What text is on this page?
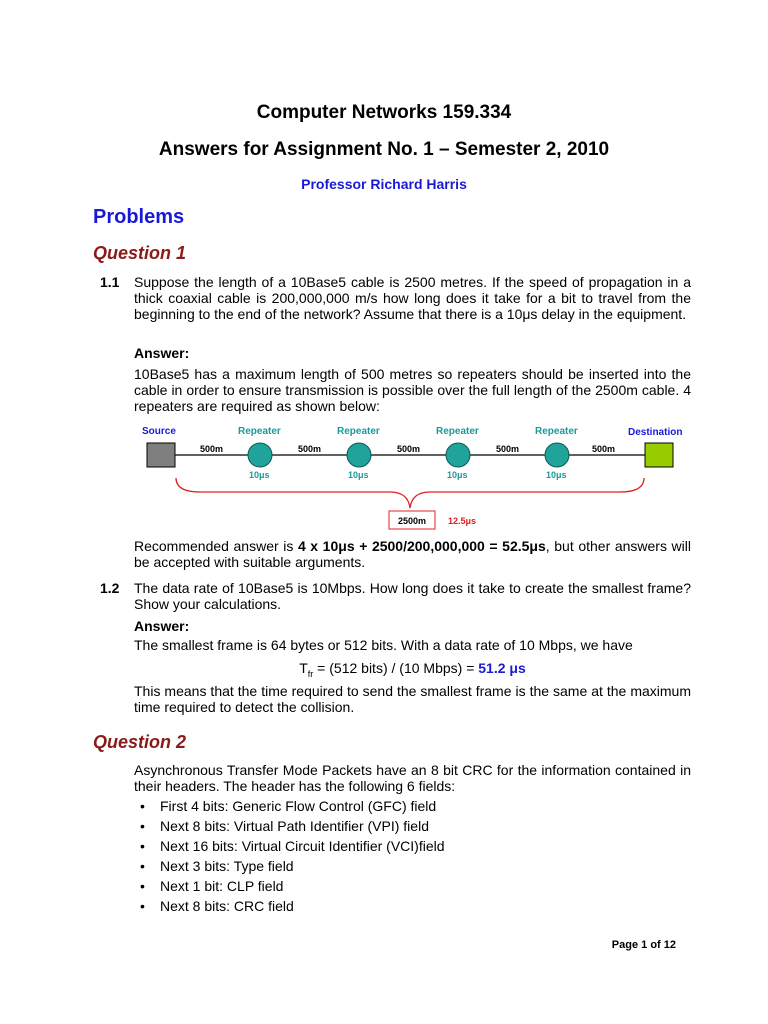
Computer Networks 159.334
Answers for Assignment No. 1 – Semester 2, 2010
Professor Richard Harris
Problems
Question 1
1.1 Suppose the length of a 10Base5 cable is 2500 metres. If the speed of propagation in a thick coaxial cable is 200,000,000 m/s how long does it take for a bit to travel from the beginning to the end of the network? Assume that there is a 10μs delay in the equipment.
Answer:
10Base5 has a maximum length of 500 metres so repeaters should be inserted into the cable in order to ensure transmission is possible over the full length of the 2500m cable. 4 repeaters are required as shown below:
Source	Destination
Repeater
10μs
Repeater
10μs
Repeater
10μs
Repeater
10μs
500m	500m	500m	500m	500m
2500m 12.5μs
Recommended answer is 4 x 10μs + 2500/200,000,000 = 52.5μs, but other answers will be accepted with suitable arguments.
1.2 The data rate of 10Base5 is 10Mbps. How long does it take to create the smallest frame? Show your calculations.
Answer:
The smallest frame is 64 bytes or 512 bits. With a data rate of 10 Mbps, we have
$T_{fr} = (512$ bits) / (10 Mbps) = 51.2 μs
This means that the time required to send the smallest frame is the same at the maximum time required to detect the collision.
Question 2
Asynchronous Transfer Mode Packets have an 8 bit CRC for the information contained in their headers. The header has the following 6 fields:
• First 4 bits: Generic Flow Control (GFC) field
• Next 8 bits: Virtual Path Identifier (VPI) field
• Next 16 bits: Virtual Circuit Identifier (VCI)field
• Next 3 bits: Type field
• Next 1 bit: CLP field
• Next 8 bits: CRC field
Page 1 of 12
